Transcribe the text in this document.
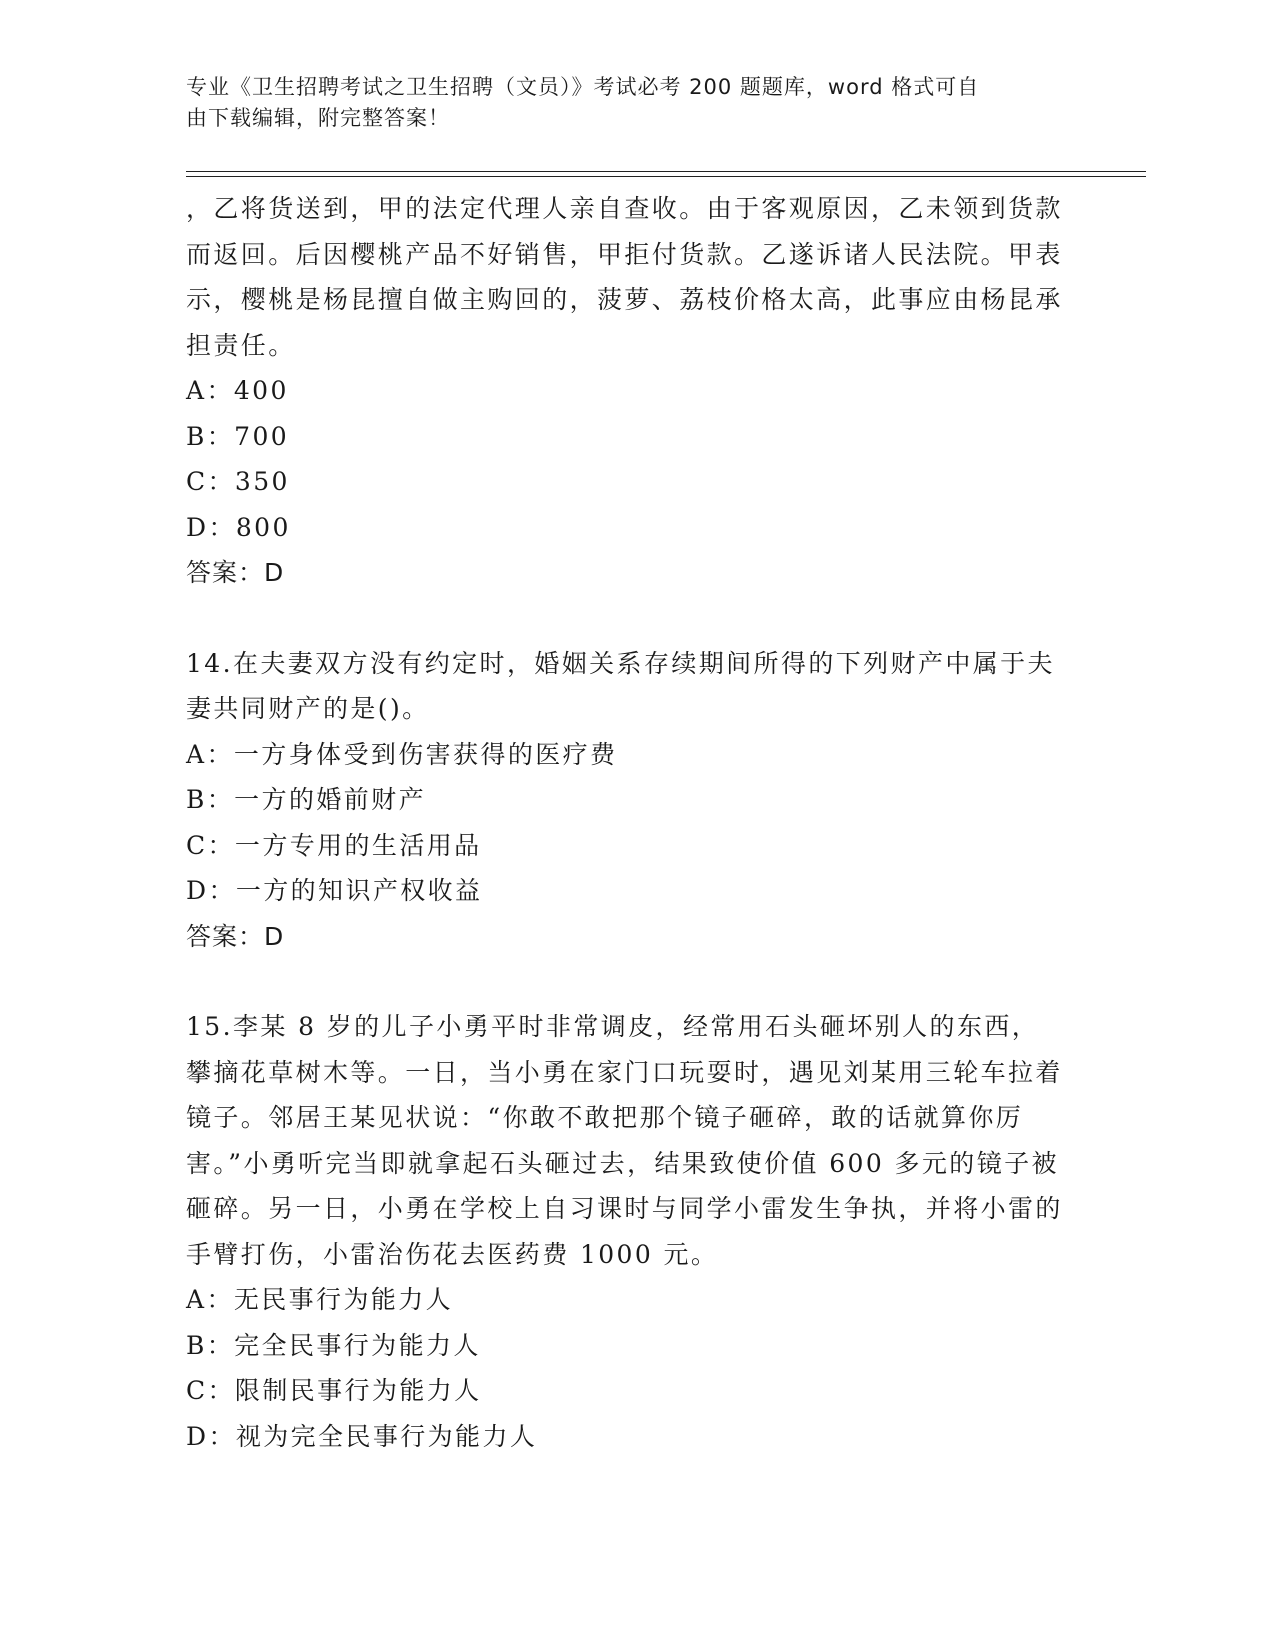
专业《卫生招聘考试之卫生招聘（文员）》考试必考 200 题题库，word 格式可自
由下载编辑，附完整答案！

，乙将货送到，甲的法定代理人亲自查收。由于客观原因，乙未领到货款而返回。后因樱桃产品不好销售，甲拒付货款。乙遂诉诸人民法院。甲表示，樱桃是杨昆擅自做主购回的，菠萝、荔枝价格太高，此事应由杨昆承担责任。

A：400
B：700
C：350
D：800
答案：D

14.在夫妻双方没有约定时，婚姻关系存续期间所得的下列财产中属于夫妻共同财产的是()。

A：一方身体受到伤害获得的医疗费
B：一方的婚前财产
C：一方专用的生活用品
D：一方的知识产权收益
答案：D

15.李某 8 岁的儿子小勇平时非常调皮，经常用石头砸坏别人的东西，攀摘花草树木等。一日，当小勇在家门口玩耍时，遇见刘某用三轮车拉着镜子。邻居王某见状说：“你敢不敢把那个镜子砸碎，敢的话就算你厉害。”小勇听完当即就拿起石头砸过去，结果致使价值 600 多元的镜子被砸碎。另一日，小勇在学校上自习课时与同学小雷发生争执，并将小雷的手臂打伤，小雷治伤花去医药费 1000 元。

A：无民事行为能力人
B：完全民事行为能力人
C：限制民事行为能力人
D：视为完全民事行为能力人
